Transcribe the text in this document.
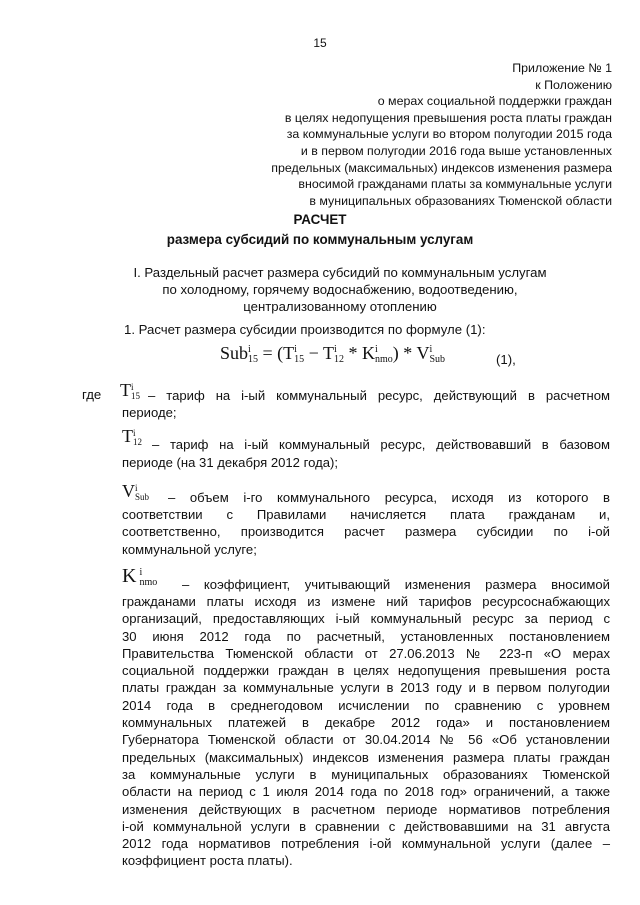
15
Приложение № 1
к Положению
о мерах социальной поддержки граждан
в целях недопущения превышения роста платы граждан
за коммунальные услуги во втором полугодии 2015 года
и в первом полугодии 2016 года выше установленных
предельных (максимальных) индексов изменения размера
вносимой гражданами платы за коммунальные услуги
в муниципальных образованиях Тюменской области
РАСЧЕТ
размера субсидий по коммунальным услугам
I. Раздельный расчет размера субсидий по коммунальным услугам
по холодному, горячему водоснабжению, водоотведению,
централизованному отоплению
1. Расчет размера субсидии производится по формуле (1):
Sub i
15 = (T i
15 − T i
12 * K i
nmo ) * V i
Sub	(1),
где T i
15 – тариф на i-ый коммунальный ресурс, действующий в расчетном
периоде;
T i
12 – тариф на i-ый коммунальный ресурс, действовавший в базовом
периоде (на 31 декабря 2012 года);
V i
Sub – объем i-го коммунального ресурса, исходя из которого в
соответствии с Правилами начисляется плата гражданам и,
соответственно, производится расчет размера субсидии по i-ой
коммунальной услуге;
K i
nmo – коэффициент, учитывающий изменения размера вносимой
гражданами платы исходя из измене ний тарифов ресурсоснабжающих
организаций, предоставляющих i-ый коммунальный ресурс за период с
30 июня 2012 года по расчетный, установленных постановлением
Правительства Тюменской области от 27.06.2013 № 223-п «О мерах
социальной поддержки граждан в целях недопущения превышения роста
платы граждан за коммунальные услуги в 2013 году и в первом полугодии
2014 года в среднегодовом исчислении по сравнению с уровнем
коммунальных платежей в декабре 2012 года» и постановлением
Губернатора Тюменской области от 30.04.2014 № 56 «Об установлении
предельных (максимальных) индексов изменения размера платы граждан
за коммунальные услуги в муниципальных образованиях Тюменской
области на период с 1 июля 2014 года по 2018 год» ограничений, а также
изменения действующих в расчетном периоде нормативов потребления
i-ой коммунальной услуги в сравнении с действовавшими на 31 августа
2012 года нормативов потребления i-ой коммунальной услуги (далее –
коэффициент роста платы).
